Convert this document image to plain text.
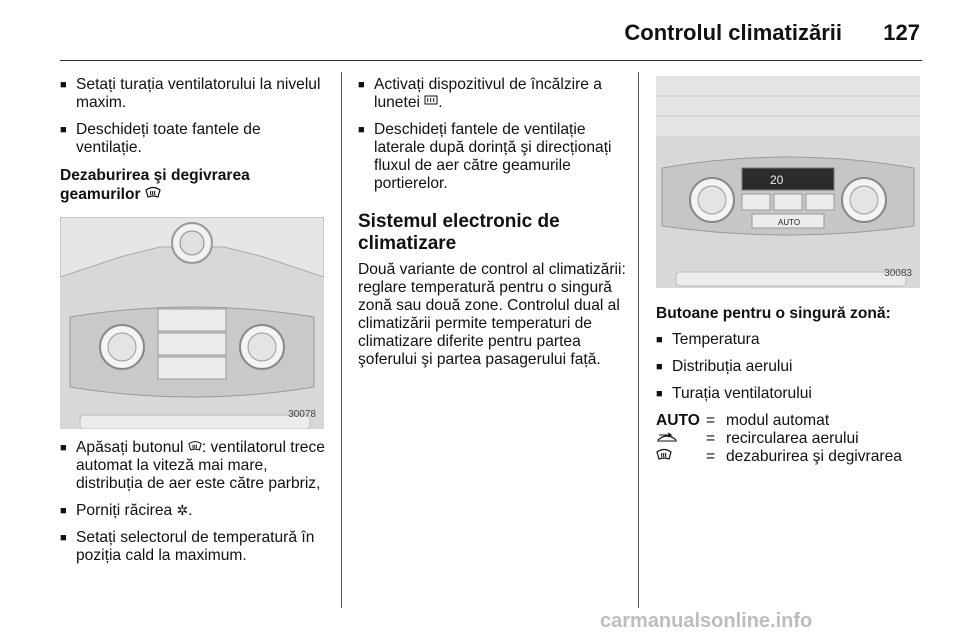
Controlul climatizării 127
■ Setați turația ventilatorului la nivelul maxim.
■ Deschideți toate fantele de ventilație.
Dezaburirea şi degivrarea geamurilor
30078
■ Apăsați butonul : ventilatorul trece automat la viteză mai mare, distribuția de aer este către parbriz,
■ Porniți răcirea ✲.
■ Setați selectorul de temperatură în poziția cald la maximum.
■ Activați dispozitivul de încălzire a lunetei .
■ Deschideți fantele de ventilație laterale după dorință şi direcționați fluxul de aer către geamurile portierelor.
Sistemul electronic de climatizare
Două variante de control al climatizării: reglare temperatură pentru o singură zonă sau două zone. Controlul dual al climatizării permite temperaturi de climatizare diferite pentru partea şoferului şi partea pasagerului față.
20
AUTO
30083
Butoane pentru o singură zonă:
■ Temperatura
■ Distribuția aerului
■ Turația ventilatorului
AUTO = modul automat
= recircularea aerului
= dezaburirea şi degivrarea
carmanualsonline.info
